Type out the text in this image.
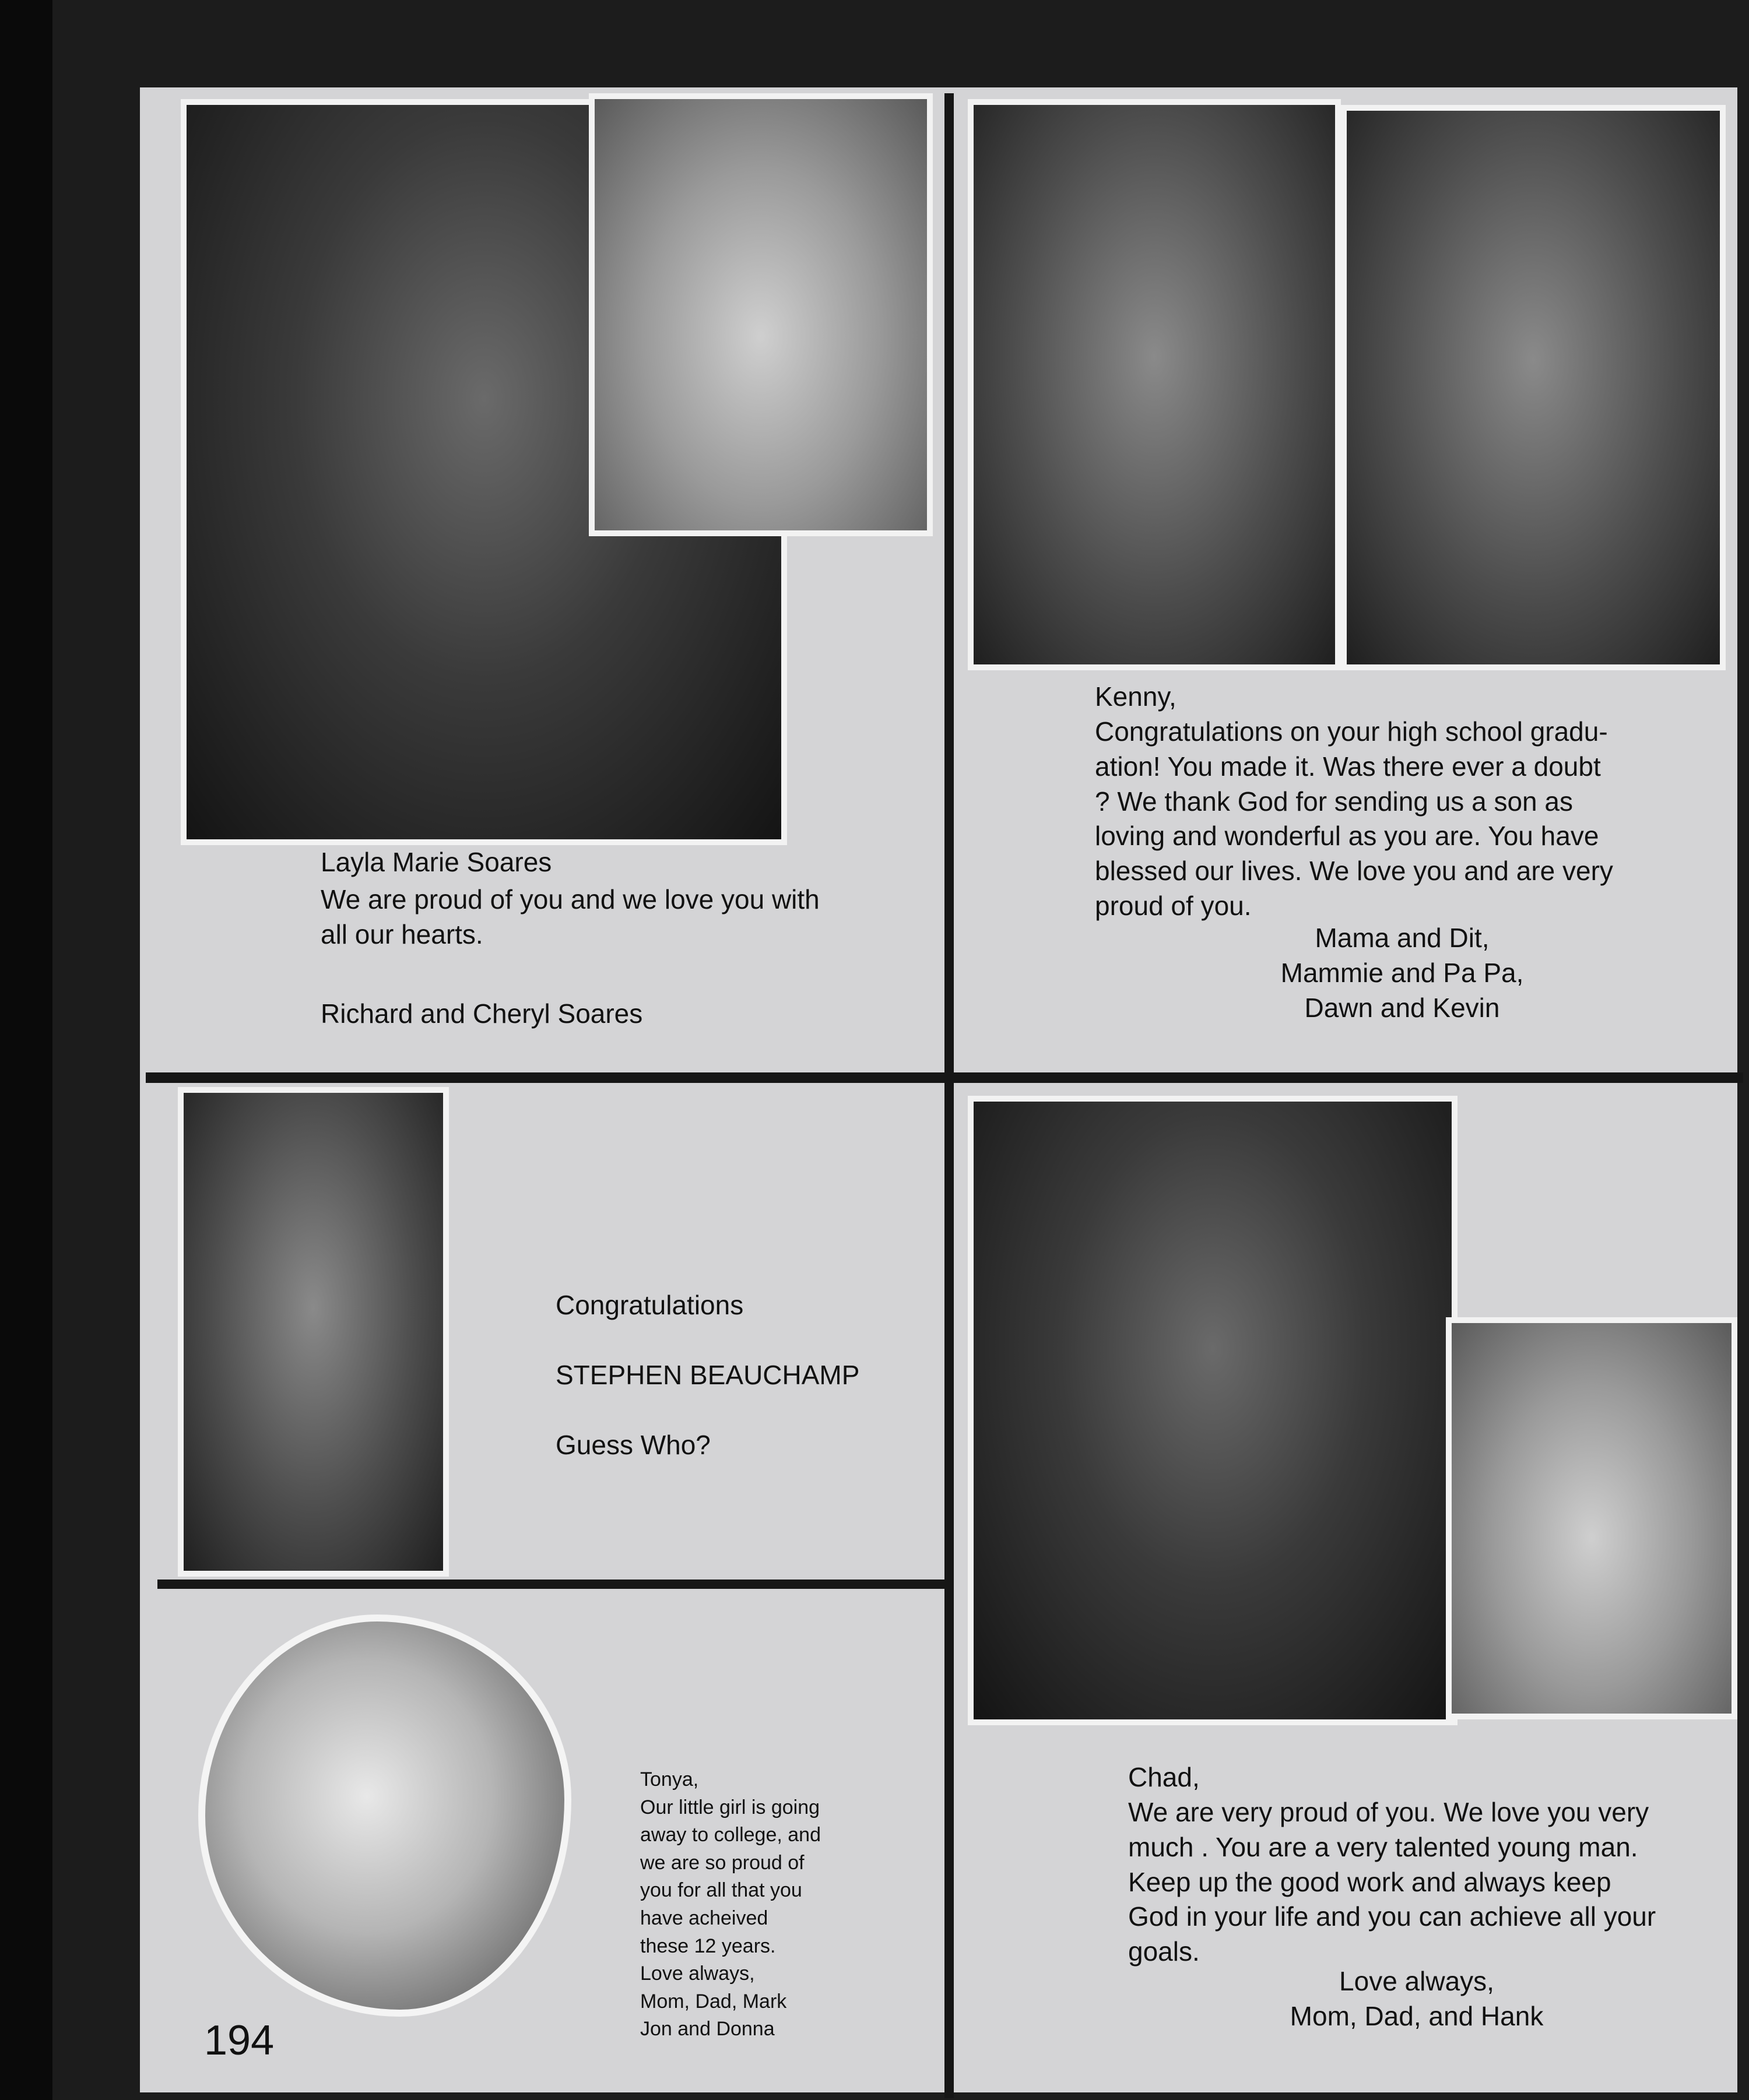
Layla Marie Soares
We are proud of you and we love you with
all our hearts.
Richard and Cheryl Soares
Kenny,
Congratulations on your high school gradu-
ation! You made it. Was there ever a doubt
? We thank God for sending us a son as
loving and wonderful as you are. You have
blessed our lives. We love you and are very
proud of you.
Mama and Dit,
Mammie and Pa Pa,
Dawn and Kevin
Congratulations
STEPHEN BEAUCHAMP
Guess Who?
Tonya,
Our little girl is going
away to college, and
we are so proud of
you for all that you
have acheived
these 12 years.
Love always,
Mom, Dad, Mark
Jon and Donna
Chad,
We are very proud of you. We love you very
much . You are a very talented young man.
Keep up the good work and always keep
God in your life and you can achieve all your
goals.
Love always,
Mom, Dad, and Hank
194
